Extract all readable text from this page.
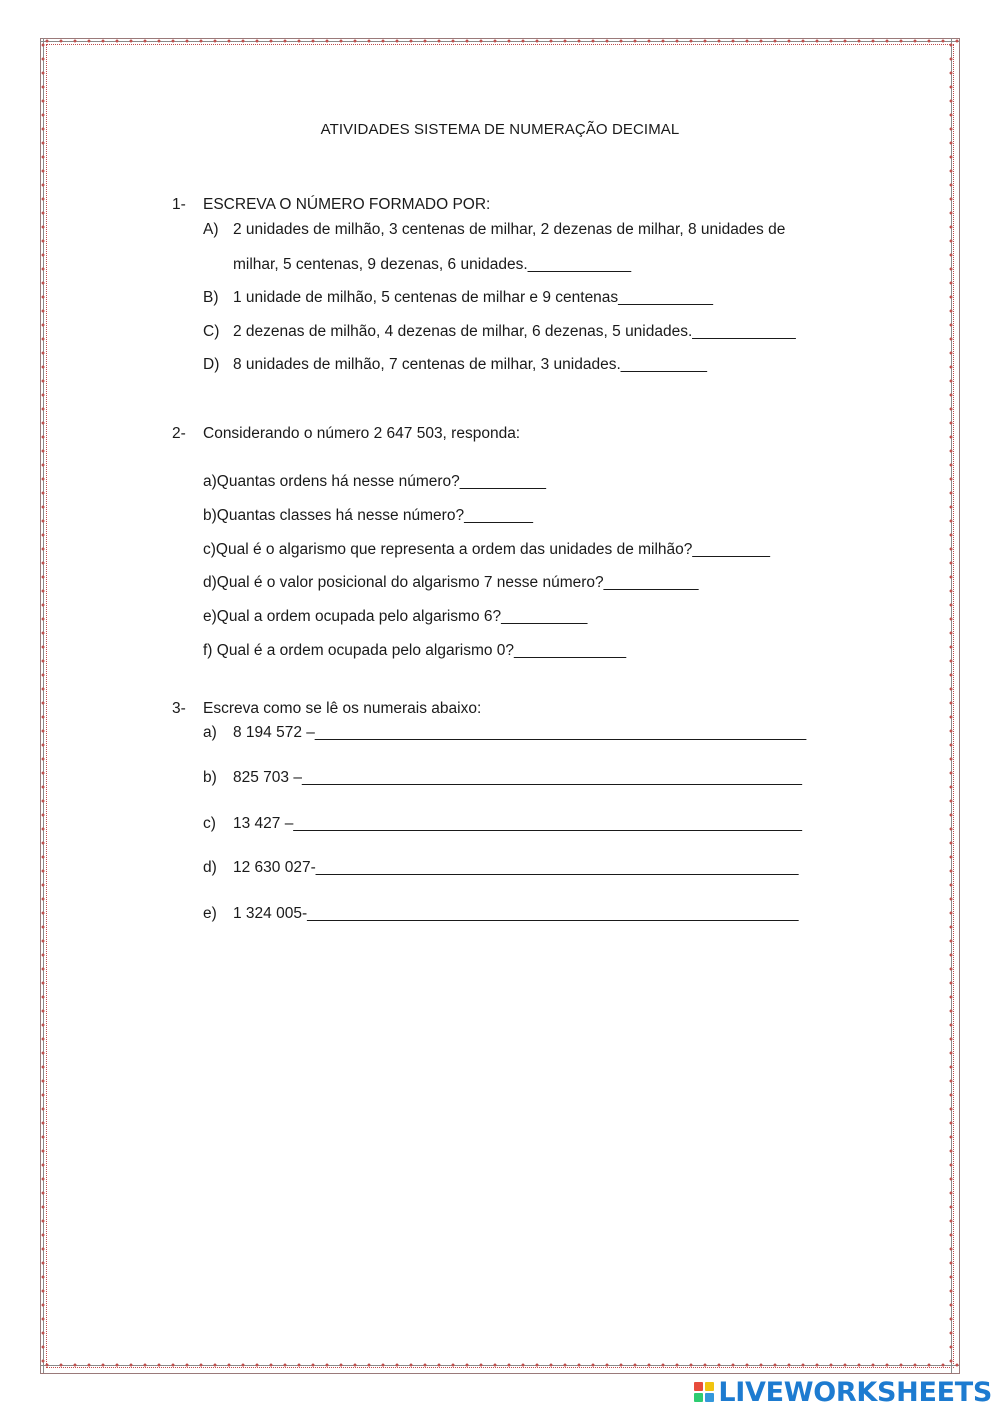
ATIVIDADES SISTEMA DE NUMERAÇÃO DECIMAL
1- ESCREVA O NÚMERO FORMADO POR:
A) 2 unidades de milhão, 3 centenas de milhar, 2 dezenas de milhar, 8 unidades de
milhar, 5 centenas, 9 dezenas, 6 unidades.____________
B) 1 unidade de milhão, 5 centenas de milhar e 9 centenas___________
C) 2 dezenas de milhão, 4 dezenas de milhar, 6 dezenas, 5 unidades.____________
D) 8 unidades de milhão, 7 centenas de milhar, 3 unidades.__________
2- Considerando o número 2 647 503, responda:
a)Quantas ordens há nesse número?__________
b)Quantas classes há nesse número?________
c)Qual é o algarismo que representa a ordem das unidades de milhão?_________
d)Qual é o valor posicional do algarismo 7 nesse número?___________
e)Qual a ordem ocupada pelo algarismo 6?__________
f) Qual é a ordem ocupada pelo algarismo 0?_____________
3- Escreva como se lê os numerais abaixo:
a) 8 194 572 –_________________________________________________________
b) 825 703 –__________________________________________________________
c) 13 427 –___________________________________________________________
d) 12 630 027-________________________________________________________
e) 1 324 005-_________________________________________________________
LIVEWORKSHEETS
